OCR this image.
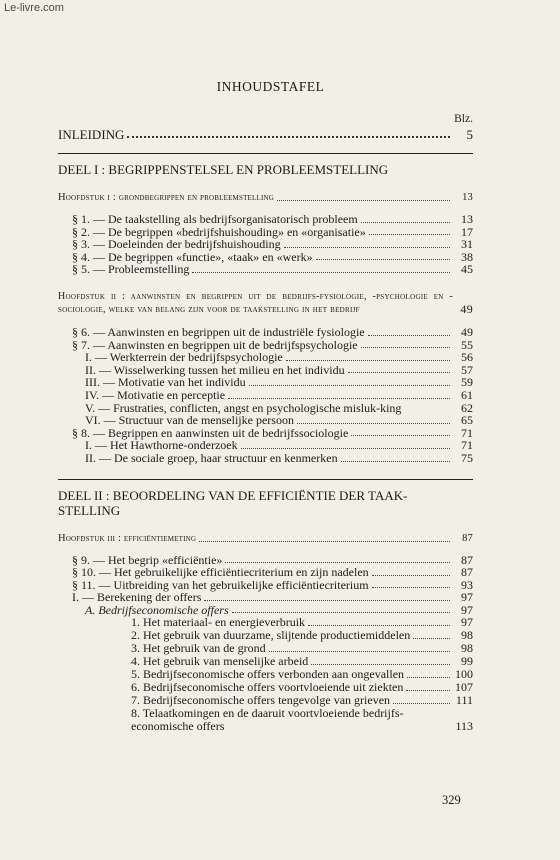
Le-livre.com
INHOUDSTAFEL
Blz.
INLEIDING	5
DEEL I : BEGRIPPENSTELSEL EN PROBLEEMSTELLING
Hoofdstuk i : grondbegrippen en probleemstelling	13
§ 1. — De taakstelling als bedrijfsorganisatorisch probleem	13
§ 2. — De begrippen «bedrijfshuishouding» en «organisatie»	17
§ 3. — Doeleinden der bedrijfshuishouding	31
§ 4. — De begrippen «functie», «taak» en «werk»	38
§ 5. — Probleemstelling	45
Hoofdstuk ii : aanwinsten en begrippen uit de bedrijfs-fysiologie, -psychologie en -sociologie, welke van belang zijn voor de taakstelling in het bedrijf	49
§ 6. — Aanwinsten en begrippen uit de industriële fysiologie	49
§ 7. — Aanwinsten en begrippen uit de bedrijfspsychologie	55
I. — Werkterrein der bedrijfspsychologie	56
II. — Wisselwerking tussen het milieu en het individu	57
III. — Motivatie van het individu	59
IV. — Motivatie en perceptie	61
V. — Frustraties, conflicten, angst en psychologische misluk-king	62
VI. — Structuur van de menselijke persoon	65
§ 8. — Begrippen en aanwinsten uit de bedrijfssociologie	71
I. — Het Hawthorne-onderzoek	71
II. — De sociale groep, haar structuur en kenmerken	75
DEEL II : BEOORDELING VAN DE EFFICIËNTIE DER TAAK-STELLING
Hoofdstuk iii : efficiëntiemeting	87
§ 9. — Het begrip «efficiëntie»	87
§ 10. — Het gebruikelijke efficiëntiecriterium en zijn nadelen	87
§ 11. — Uitbreiding van het gebruikelijke efficiëntiecriterium	93
I. — Berekening der offers	97
A. Bedrijfseconomische offers	97
1. Het materiaal- en energieverbruik	97
2. Het gebruik van duurzame, slijtende productiemiddelen	98
3. Het gebruik van de grond	98
4. Het gebruik van menselijke arbeid	99
5. Bedrijfseconomische offers verbonden aan ongevallen	100
6. Bedrijfseconomische offers voortvloeiende uit ziekten	107
7. Bedrijfseconomische offers tengevolge van grieven	111
8. Telaatkomingen en de daaruit voortvloeiende bedrijfs-economische offers	113
329
